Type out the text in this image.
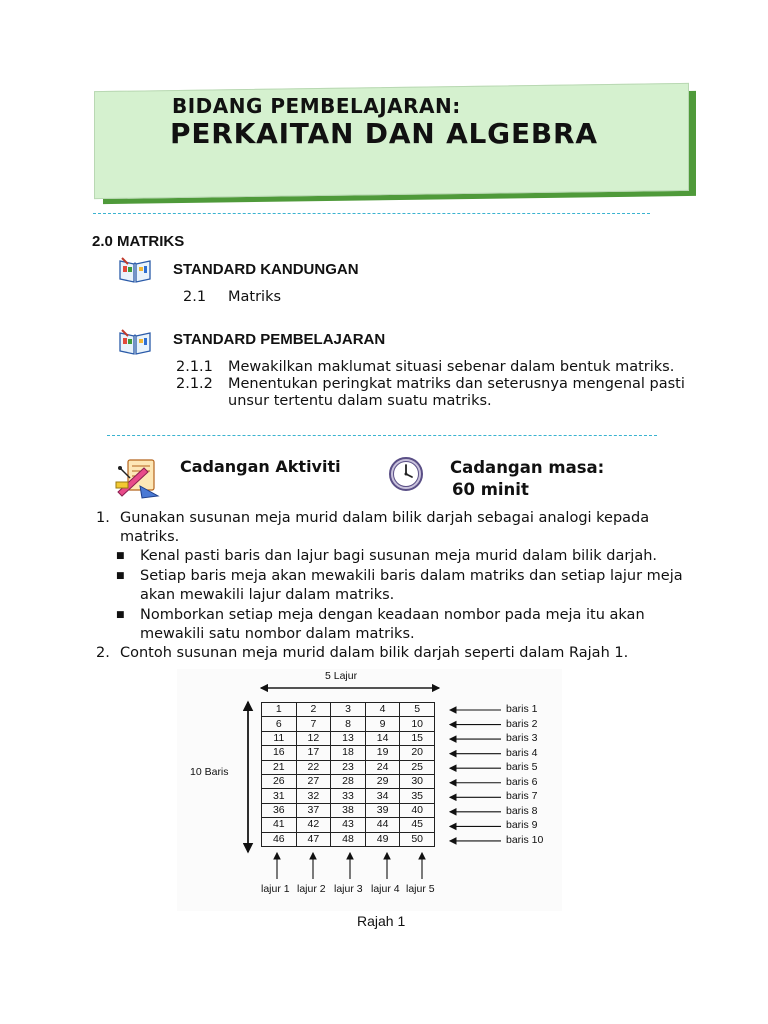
BIDANG PEMBELAJARAN:
PERKAITAN DAN ALGEBRA
2.0 MATRIKS
STANDARD KANDUNGAN
2.1 Matriks
STANDARD PEMBELAJARAN
2.1.1 Mewakilkan maklumat situasi sebenar dalam bentuk matriks.
2.1.2 Menentukan peringkat matriks dan seterusnya mengenal pasti
unsur tertentu dalam suatu matriks.
Cadangan Aktiviti	Cadangan masa:
60 minit
1. Gunakan susunan meja murid dalam bilik darjah sebagai analogi kepada
matriks.
■ Kenal pasti baris dan lajur bagi susunan meja murid dalam bilik darjah.
■ Setiap baris meja akan mewakili baris dalam matriks dan setiap lajur meja
akan mewakili lajur dalam matriks.
■ Nomborkan setiap meja dengan keadaan nombor pada meja itu akan
mewakili satu nombor dalam matriks.
2. Contoh susunan meja murid dalam bilik darjah seperti dalam Rajah 1.
5 Lajur
10 Baris
1	2	3	4	5
6	7	8	9	10
11	12	13	14	15
16	17	18	19	20
21	22	23	24	25
26	27	28	29	30
31	32	33	34	35
36	37	38	39	40
41	42	43	44	45
46	47	48	49	50
baris 1
baris 2
baris 3
baris 4
baris 5
baris 6
baris 7
baris 8
baris 9
baris 10
lajur 1 lajur 2 lajur 3 lajur 4 lajur 5
Rajah 1
